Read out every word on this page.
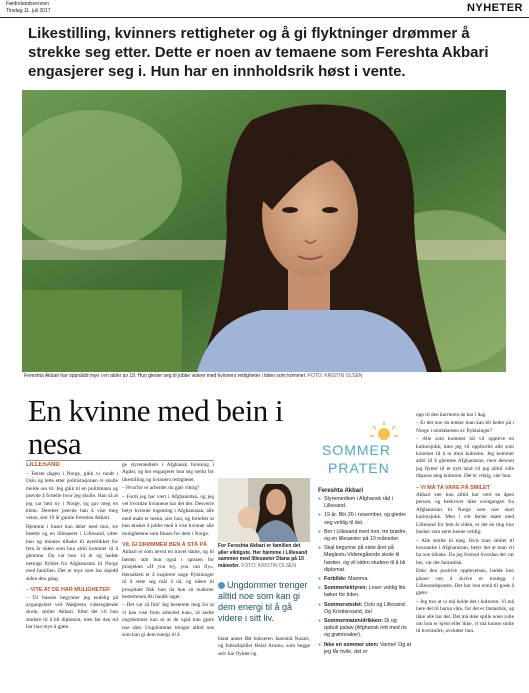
Fædrelandsvennen
Tirsdag 11. juli 2017	NYHETER
Likestilling, kvinners rettigheter og å gi flyktninger drømmer å strekke seg etter. Dette er noen av temaene som Fereshta Akbari engasjerer seg i. Hun har en innholdsrik høst i vente.
Fereshta Akbari har oppnådd mye i en alder av 19. Hun gleder seg til jobbe videre med kvinners rettigheter i tiden som kommer. FOTO: KRISTIN OLSEN
En kvinne med bein i nesa
LILLESAND

– Første dagen i Norge, gikk vi rundt i Oslo og lette etter politistasjonen vi skulle melde oss til. Jeg gikk til en politimann og prøvde å fortelle hvor jeg skulle. Han så at jeg var helt ny i Norge, og gav meg en klem. Deretter prøvde han å vise meg veien, sier 19 år gamle Fereshta Akbari.

Hjemme i huset hun deler med mor, tre brødre og en lillesøster i Lillesand, sitter hun og minnes tilbake til øyeblikket for fem år siden som hun aldri kommer til å glemme. Da var hun 14 år og hadde nettopp flyktet fra Afghanistan til Norge med familien. Det er mye som har skjedd siden den gang.

– VITE AT DE HAR MULIGHETER

– Til bussen begynner jeg endelig på avgangsåret ved Møglestu videregående skole, smiler Akbari. Etter det vil hun studere til å bli diplomat, men før den tid har hun mye å gjøre.

ge styremedlem i Afghansk forening i Agder, og her engasjerer hun seg sterkt for likestilling og kvinners rettigheter.

– Hvorfor er arbeidet du gjør viktig?

– Fordi jeg har vært i Afghanistan, og jeg vet hvordan kvinnene har det der. Desverre betyr kvinner ingenting i Afghanistan, alle med makt er menn, sier hun, og forteller at hun ønsker å jobbe med å vise kvinner alle mulighetene som finnes for dem i Norge.

VIL GI DRØMMER BEN Å STÅ PÅ

Akbari er som nevnt en travel dame, og til høsten står hun også i spissen for prosjektet «If you try, you can fly». Hensikten er å inspirere unge flyktninger til å sette seg mål å nå, og ideen til prosjektet fikk hun da hun så malerier bestemmen Ali hadde laget.

– Det var så fint! Jeg bestemte meg for at vi kan vise frem arbeidet hans, så andre ungdommer kan se at de også kan gjøre noe sånt. Ungdommer trenger alltid noe som kan gi dem energi til å

For Fereshta Akbari er familien det aller viktigste. Her hjemme i Lillesand sammen med lillesøster Diana på 10 måneder. FOTO: KRISTIN OLSEN
Ungdommer trenger alltid noe som kan gi dem energi til å gå videre i sitt liv.

blant annet fått bokseren Jamshid Nazari, og fotballspiller Belal Aroma, som begge selv har flyktet og

SOMMER
PRATEN
Fereshta Akbari
● Styremedlem i Afghansk råd i Lillesand.
● 19 år. Blir 20 i november, og gleder seg veldig til det.
● Bor i Lillesand med mor, tre brødre, og en lillesøster på 10 måneder.
● Skal begynne på siste året på Møglestu Videregående skole til høsten, og vil siden studere til å bli diplomat.
● Forbilde: Mamma.
● Sommerlektyren: Leser veldig lite bøker for tiden.
● Sommerstedet: Oslo og Lillesand. Og Kristiansand, da!
● Sommermaten/drikken: Di og qabuli palaw (Afghansk rett med ris og grønnsaker).
● Ikke en sommer uten: Varme! Og at jeg får hvile, det er

opp til den karrieren de har i dag.

– Er det noe du tenker man kan bli bedre på i Norge i mottakelsen av flyktninger?

– Alle som kommer hit vil oppleve en kultursjokk, men jeg vil oppfordre alle som kommer til å ta imot kulturen. Jeg kommer aldri til å glemme Afghanistan, men dersom jeg flytter til et nytt land vil jeg alltid ville tilpasse meg kulturen. Det er viktig, sier hun.

– VI MÅ TA VARE PÅ SMILET

Akbari sier hun alltid har vært en åpen person, og beskriver ikke overgangen fra Afghanistan til Norge som noe stort kultursjokk. Men i sitt første møte med Lillesand for fem år siden, er det én ting hun husker som rørte henne veldig:

– Alle smilte til meg. Hvis man smiler til hverandre i Afghanistan, betyr det at man vil ha noe tilbake. Da jeg forstod hvordan det var her, var det fantastisk.

Etter den positive opplevelsen, hadde hun planer om å skrive et innlegg i Lillesandsposten. Det har hun ennå til gode å gjøre.

– Jeg tror at vi må holde det i kulturen. Vi må lære det til barna våre, for det er fantastisk, og ikke alle har det. Det må ikke spille noen rolle om hun er kjent eller ikke, vi må kunne smile til hverandre, avslutter hun.
